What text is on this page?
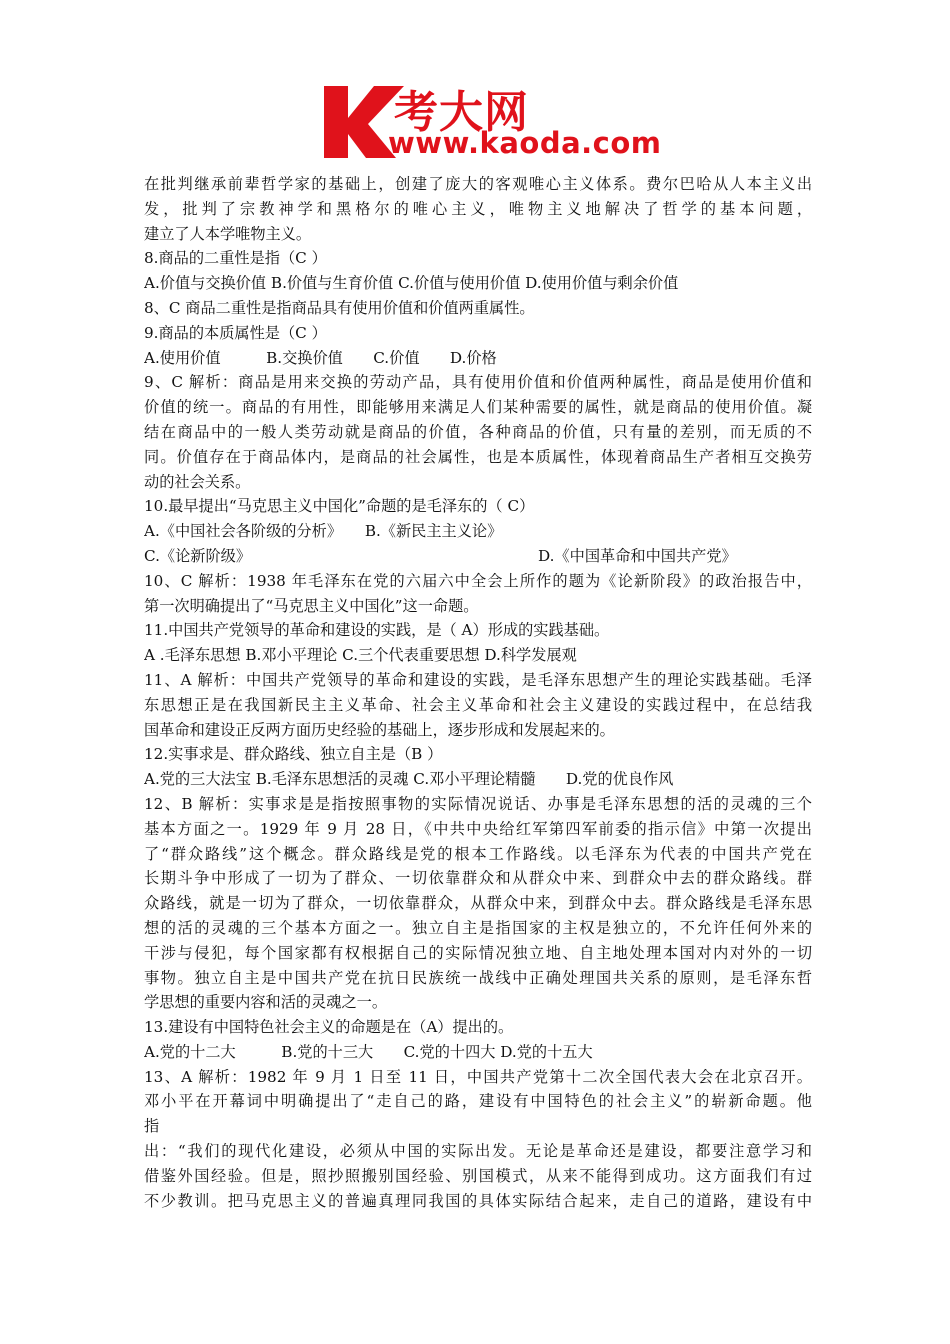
考大网
www.kaoda.com
在批判继承前辈哲学家的基础上，创建了庞大的客观唯心主义体系。费尔巴哈从人本主义出
发，批判了宗教神学和黑格尔的唯心主义，唯物主义地解决了哲学的基本问题，
建立了人本学唯物主义。
8.商品的二重性是指（C ）
A.价值与交换价值 B.价值与生育价值 C.价值与使用价值 D.使用价值与剩余价值
8、C 商品二重性是指商品具有使用价值和价值两重属性。
9.商品的本质属性是（C ）
A.使用价值　　　B.交换价值　　C.价值　　D.价格
9、C 解析：商品是用来交换的劳动产品，具有使用价值和价值两种属性，商品是使用价值和
价值的统一。商品的有用性，即能够用来满足人们某种需要的属性，就是商品的使用价值。凝
结在商品中的一般人类劳动就是商品的价值，各种商品的价值，只有量的差别，而无质的不
同。价值存在于商品体内，是商品的社会属性，也是本质属性，体现着商品生产者相互交换劳
动的社会关系。
10.最早提出“马克思主义中国化”命题的是毛泽东的（ C）
A.《中国社会各阶级的分析》　　B.《新民主主义论》
C.《论新阶级》	D.《中国革命和中国共产党》
10、C 解析：1938 年毛泽东在党的六届六中全会上所作的题为《论新阶段》的政治报告中，
第一次明确提出了“马克思主义中国化”这一命题。
11.中国共产党领导的革命和建设的实践，是（ A）形成的实践基础。
A .毛泽东思想 B.邓小平理论 C.三个代表重要思想 D.科学发展观
11、A 解析：中国共产党领导的革命和建设的实践，是毛泽东思想产生的理论实践基础。毛泽
东思想正是在我国新民主主义革命、社会主义革命和社会主义建设的实践过程中，在总结我
国革命和建设正反两方面历史经验的基础上，逐步形成和发展起来的。
12.实事求是、群众路线、独立自主是（B ）
A.党的三大法宝 B.毛泽东思想活的灵魂 C.邓小平理论精髓　　D.党的优良作风
12、B 解析：实事求是是指按照事物的实际情况说话、办事是毛泽东思想的活的灵魂的三个
基本方面之一。1929 年 9 月 28 日，《中共中央给红军第四军前委的指示信》中第一次提出
了“群众路线”这个概念。群众路线是党的根本工作路线。以毛泽东为代表的中国共产党在
长期斗争中形成了一切为了群众、一切依靠群众和从群众中来、到群众中去的群众路线。群
众路线，就是一切为了群众，一切依靠群众，从群众中来，到群众中去。群众路线是毛泽东思
想的活的灵魂的三个基本方面之一。独立自主是指国家的主权是独立的，不允许任何外来的
干涉与侵犯，每个国家都有权根据自己的实际情况独立地、自主地处理本国对内对外的一切
事物。独立自主是中国共产党在抗日民族统一战线中正确处理国共关系的原则，是毛泽东哲
学思想的重要内容和活的灵魂之一。
13.建设有中国特色社会主义的命题是在（A）提出的。
A.党的十二大　　　B.党的十三大　　C.党的十四大 D.党的十五大
13、A 解析：1982 年 9 月 1 日至 11 日，中国共产党第十二次全国代表大会在北京召开。
邓小平在开幕词中明确提出了“走自己的路，建设有中国特色的社会主义”的崭新命题。他
指
出：“我们的现代化建设，必须从中国的实际出发。无论是革命还是建设，都要注意学习和
借鉴外国经验。但是，照抄照搬别国经验、别国模式，从来不能得到成功。这方面我们有过
不少教训。把马克思主义的普遍真理同我国的具体实际结合起来，走自己的道路，建设有中
